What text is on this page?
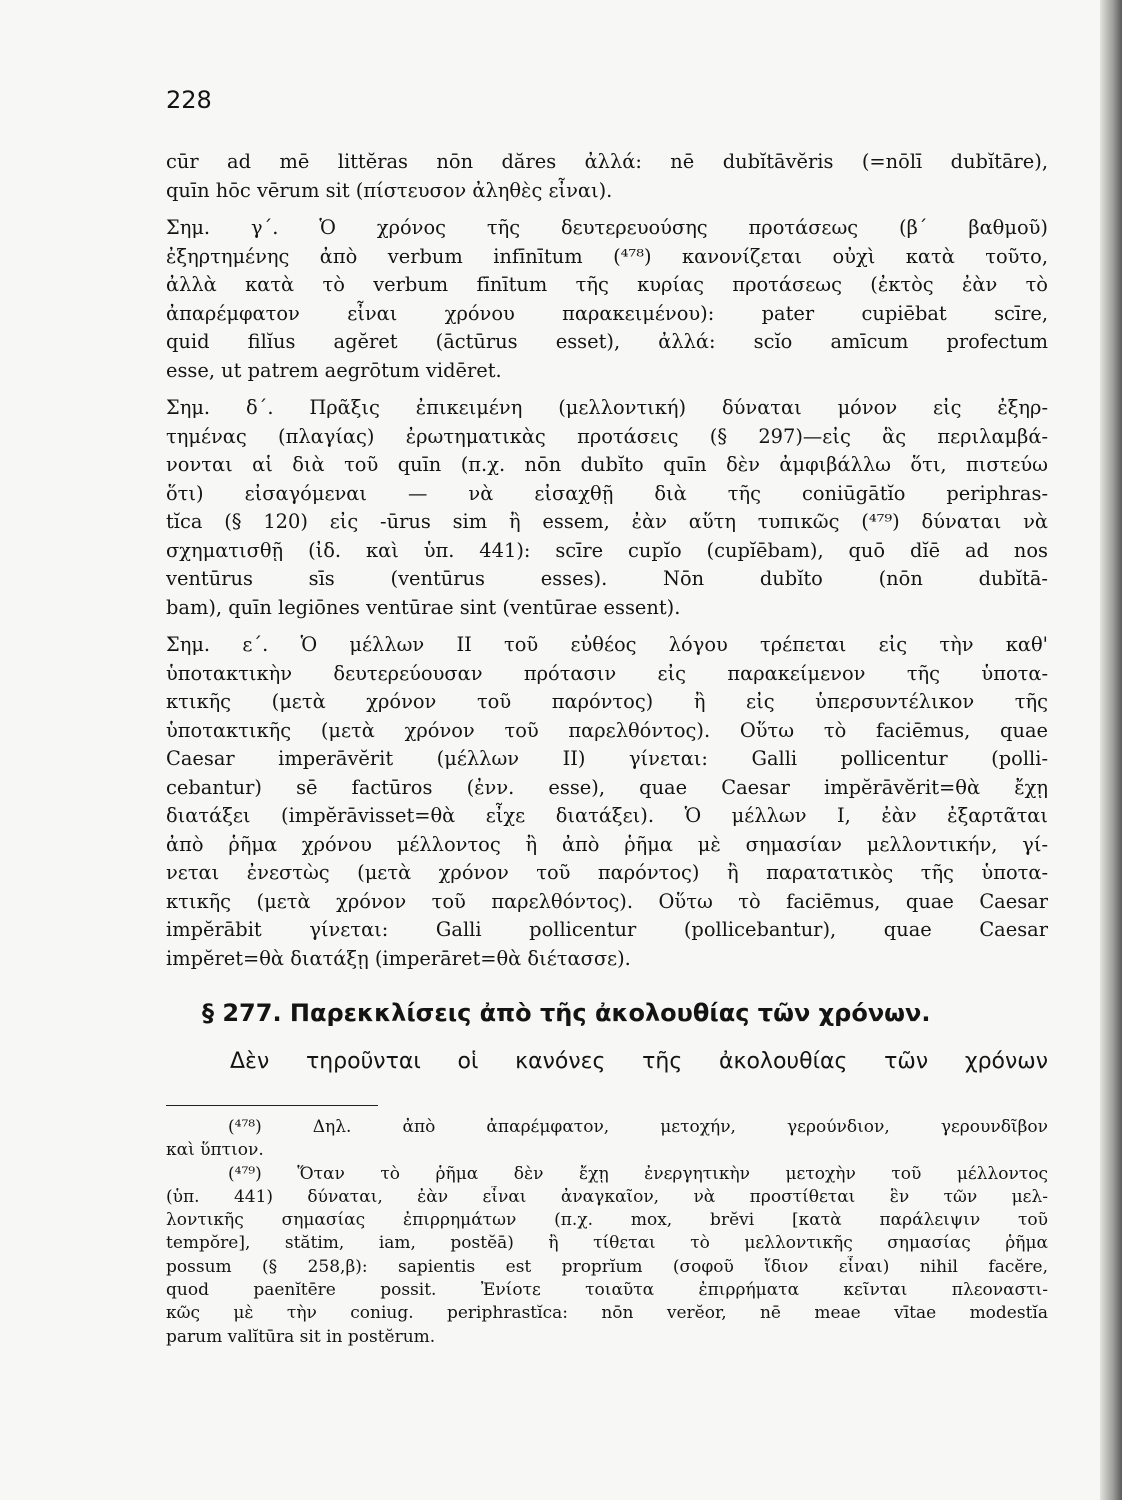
228
cūr ad mē littĕras nōn dăres ἀλλά: nē dubĭtāvĕris (=nōlī dubĭtāre),
quīn hōc vērum sit (πίστευσον ἀληθὲς εἶναι).
Σημ. γ΄. Ὁ χρόνος τῆς δευτερευούσης προτάσεως (β΄ βαθμοῦ)
ἐξηρτημένης ἀπὸ verbum infīnītum (⁴⁷⁸) κανονίζεται οὐχὶ κατὰ τοῦτο,
ἀλλὰ κατὰ τὸ verbum fīnītum τῆς κυρίας προτάσεως (ἐκτὸς ἐὰν τὸ
ἀπαρέμφατον εἶναι χρόνου παρακειμένου): pater cupiēbat scīre,
quid filĭus agĕret (āctūrus esset), ἀλλά: scĭo amīcum profectum
esse, ut patrem aegrōtum vidēret.
Σημ. δ΄. Πρᾶξις ἐπικειμένη (μελλοντική) δύναται μόνον εἰς ἐξηρ-
τημένας (πλαγίας) ἐρωτηματικὰς προτάσεις (§ 297)—εἰς ἃς περιλαμβά-
νονται αἱ διὰ τοῦ quīn (π.χ. nōn dubĭto quīn δὲν ἀμφιβάλλω ὅτι, πιστεύω
ὅτι) εἰσαγόμεναι — νὰ εἰσαχθῇ διὰ τῆς coniūgātĭo periphras-
tĭca (§ 120) εἰς -ūrus sim ἢ essem, ἐὰν αὕτη τυπικῶς (⁴⁷⁹) δύναται νὰ
σχηματισθῇ (ἰδ. καὶ ὑπ. 441): scīre cupĭo (cupĭēbam), quō dĭē ad nos
ventūrus sīs (ventūrus esses). Nōn dubĭto (nōn dubĭtā-
bam), quīn legiōnes ventūrae sint (ventūrae essent).
Σημ. ε΄. Ὁ μέλλων ΙΙ τοῦ εὐθέος λόγου τρέπεται εἰς τὴν καθ'
ὑποτακτικὴν δευτερεύουσαν πρότασιν εἰς παρακείμενον τῆς ὑποτα-
κτικῆς (μετὰ χρόνον τοῦ παρόντος) ἢ εἰς ὑπερσυντέλικον τῆς
ὑποτακτικῆς (μετὰ χρόνον τοῦ παρελθόντος). Οὕτω τὸ faciēmus, quae
Caesar imperāvĕrit (μέλλων ΙΙ) γίνεται: Galli pollicentur (polli-
cebantur) sē factūros (ἐνν. esse), quae Caesar impĕrāvĕrit=θὰ ἔχῃ
διατάξει (impĕrāvisset=θὰ εἶχε διατάξει). Ὁ μέλλων Ι, ἐὰν ἐξαρτᾶται
ἀπὸ ῥῆμα χρόνου μέλλοντος ἢ ἀπὸ ῥῆμα μὲ σημασίαν μελλοντικήν, γί-
νεται ἐνεστὼς (μετὰ χρόνον τοῦ παρόντος) ἢ παρατατικὸς τῆς ὑποτα-
κτικῆς (μετὰ χρόνον τοῦ παρελθόντος). Οὕτω τὸ faciēmus, quae Caesar
impĕrābit γίνεται: Galli pollicentur (pollicebantur), quae Caesar
impĕret=θὰ διατάξῃ (imperāret=θὰ διέτασσε).
§ 277. Παρεκκλίσεις ἀπὸ τῆς ἀκολουθίας τῶν χρόνων.
Δὲν τηροῦνται οἱ κανόνες τῆς ἀκολουθίας τῶν χρόνων
(⁴⁷⁸) Δηλ. ἀπὸ ἀπαρέμφατον, μετοχήν, γερούνδιον, γερουνδῖβον
καὶ ὕπτιον.
(⁴⁷⁹) Ὅταν τὸ ῥῆμα δὲν ἔχῃ ἐνεργητικὴν μετοχὴν τοῦ μέλλοντος
(ὑπ. 441) δύναται, ἐὰν εἶναι ἀναγκαῖον, νὰ προστίθεται ἓν τῶν μελ-
λοντικῆς σημασίας ἐπιρρημάτων (π.χ. mox, brĕvi [κατὰ παράλειψιν τοῦ
tempŏre], stătim, iam, postĕā) ἢ τίθεται τὸ μελλοντικῆς σημασίας ῥῆμα
possum (§ 258,β): sapientis est proprĭum (σοφοῦ ἴδιον εἶναι) nihil facĕre,
quod paenĭtēre possit. Ἐνίοτε τοιαῦτα ἐπιρρήματα κεῖνται πλεοναστι-
κῶς μὲ τὴν coniug. periphrastĭca: nōn verĕor, nē meae vītae modestĭa
parum valĭtūra sit in postĕrum.
